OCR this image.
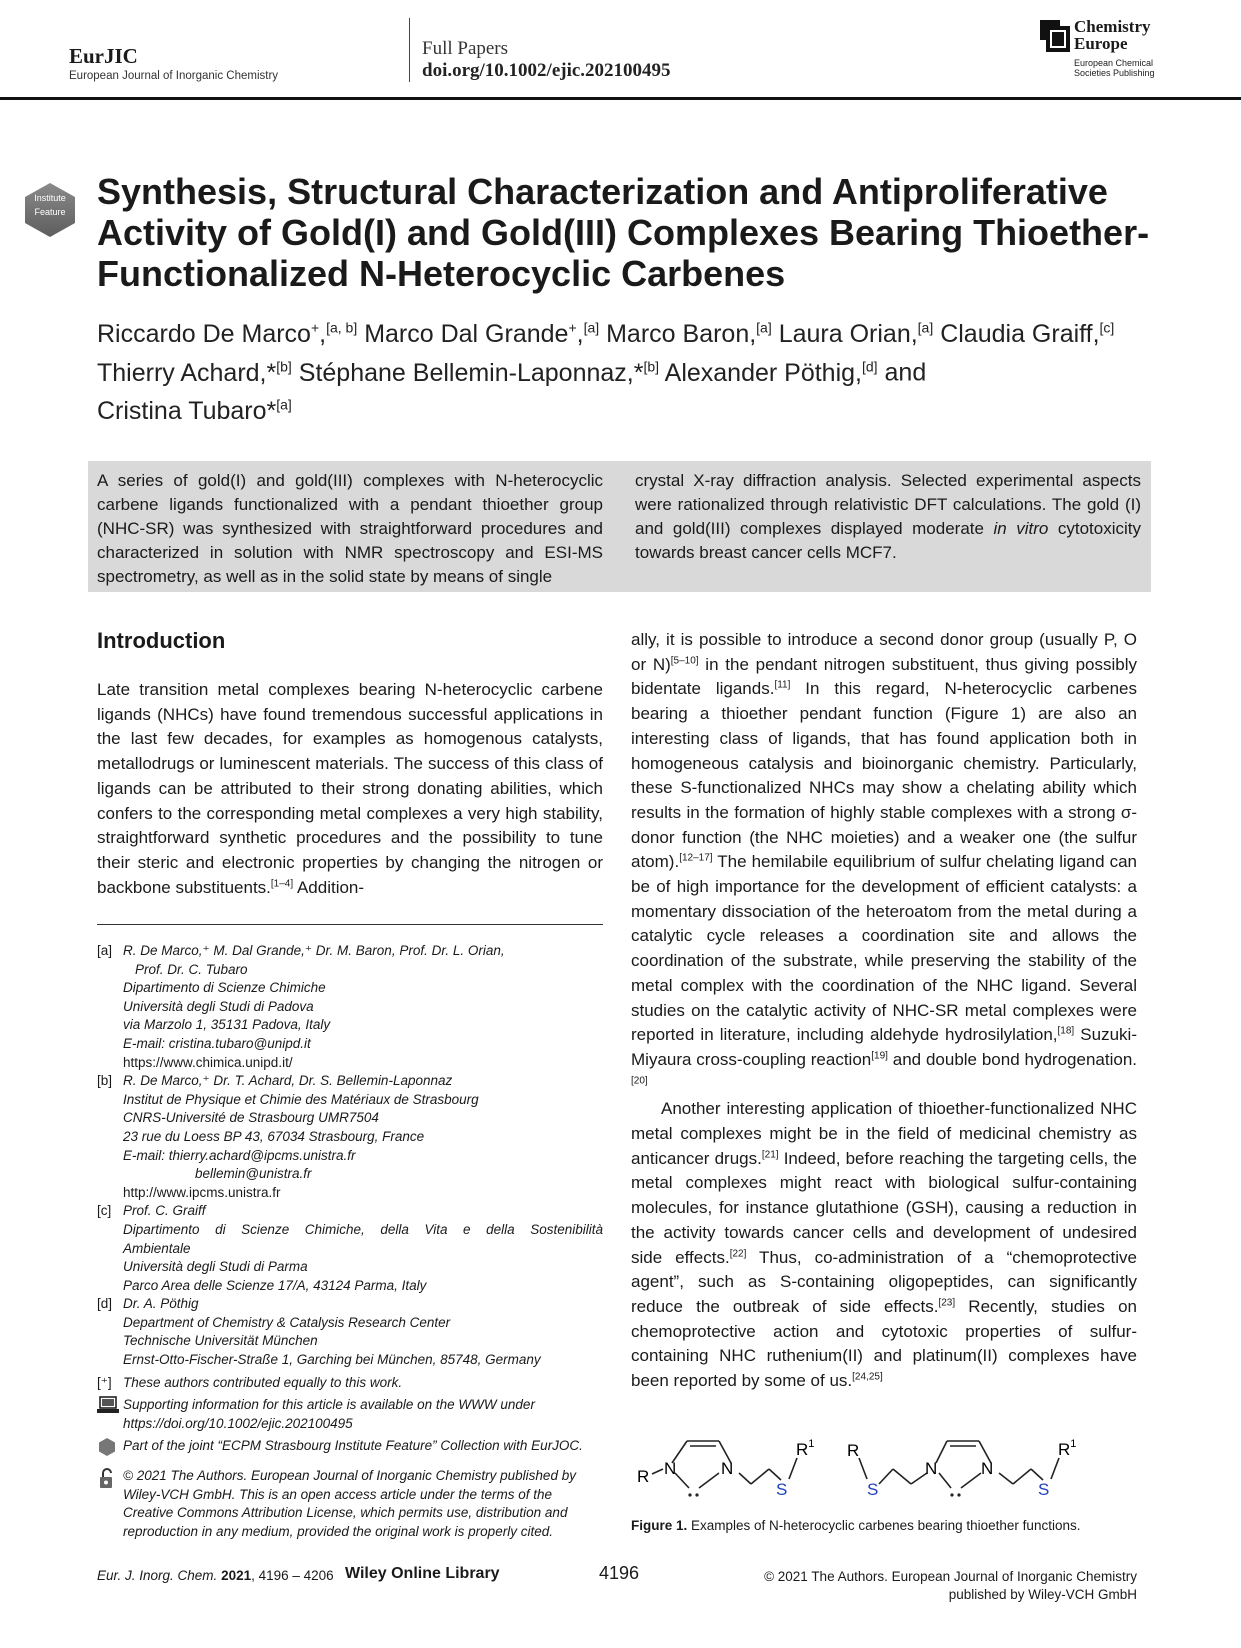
EurJIC
European Journal of Inorganic Chemistry
Full Papers
doi.org/10.1002/ejic.202100495
Chemistry
Europe
European Chemical
Societies Publishing
Institute
Feature Synthesis, Structural Characterization and Antiproliferative Activity of Gold(I) and Gold(III) Complexes Bearing Thioether-Functionalized N-Heterocyclic Carbenes
Riccardo De Marco+,[a, b] Marco Dal Grande+,[a] Marco Baron,[a] Laura Orian,[a] Claudia Graiff,[c]
Thierry Achard,*[b] Stéphane Bellemin-Laponnaz,*[b] Alexander Pöthig,[d] and
Cristina Tubaro*[a]
A series of gold(I) and gold(III) complexes with N-heterocyclic carbene ligands functionalized with a pendant thioether group (NHC-SR) was synthesized with straightforward procedures and characterized in solution with NMR spectroscopy and ESI-MS spectrometry, as well as in the solid state by means of single
crystal X-ray diffraction analysis. Selected experimental aspects were rationalized through relativistic DFT calculations. The gold (I) and gold(III) complexes displayed moderate in vitro cytotoxicity towards breast cancer cells MCF7.
Introduction
Late transition metal complexes bearing N-heterocyclic carbene ligands (NHCs) have found tremendous successful applications in the last few decades, for examples as homogenous catalysts, metallodrugs or luminescent materials. The success of this class of ligands can be attributed to their strong donating abilities, which confers to the corresponding metal complexes a very high stability, straightforward synthetic procedures and the possibility to tune their steric and electronic properties by changing the nitrogen or backbone substituents.[1–4] Addition-

ally, it is possible to introduce a second donor group (usually P, O or N)[5–10] in the pendant nitrogen substituent, thus giving possibly bidentate ligands.[11] In this regard, N-heterocyclic carbenes bearing a thioether pendant function (Figure 1) are also an interesting class of ligands, that has found application both in homogeneous catalysis and bioinorganic chemistry. Particularly, these S-functionalized NHCs may show a chelating ability which results in the formation of highly stable complexes with a strong σ-donor function (the NHC moieties) and a weaker one (the sulfur atom).[12–17] The hemilabile equilibrium of sulfur chelating ligand can be of high importance for the development of efficient catalysts: a momentary dissociation of the heteroatom from the metal during a catalytic cycle releases a coordination site and allows the coordination of the substrate, while preserving the stability of the metal complex with the coordination of the NHC ligand. Several studies on the catalytic activity of NHC-SR metal complexes were reported in literature, including aldehyde hydrosilylation,[18] Suzuki-Miyaura cross-coupling reaction[19] and double bond hydrogenation.[20]

Another interesting application of thioether-functionalized NHC metal complexes might be in the field of medicinal chemistry as anticancer drugs.[21] Indeed, before reaching the targeting cells, the metal complexes might react with biological sulfur-containing molecules, for instance glutathione (GSH), causing a reduction in the activity towards cancer cells and development of undesired side effects.[22] Thus, co-administration of a “chemoprotective agent”, such as S-containing oligopeptides, can significantly reduce the outbreak of side effects.[23] Recently, studies on chemoprotective action and cytotoxic properties of sulfur-containing NHC ruthenium(II) and platinum(II) complexes have been reported by some of us.[24,25]

[a] R. De Marco,⁺ M. Dal Grande,⁺ Dr. M. Baron, Prof. Dr. L. Orian,
Prof. Dr. C. Tubaro
Dipartimento di Scienze Chimiche
Università degli Studi di Padova
via Marzolo 1, 35131 Padova, Italy
E-mail: cristina.tubaro@unipd.it
https://www.chimica.unipd.it/
[b] R. De Marco,⁺ Dr. T. Achard, Dr. S. Bellemin-Laponnaz
Institut de Physique et Chimie des Matériaux de Strasbourg
CNRS-Université de Strasbourg UMR7504
23 rue du Loess BP 43, 67034 Strasbourg, France
E-mail: thierry.achard@ipcms.unistra.fr
bellemin@unistra.fr
http://www.ipcms.unistra.fr
[c] Prof. C. Graiff
Dipartimento di Scienze Chimiche, della Vita e della Sostenibilità
Ambientale
Università degli Studi di Parma
Parco Area delle Scienze 17/A, 43124 Parma, Italy
[d] Dr. A. Pöthig
Department of Chemistry & Catalysis Research Center
Technische Universität München
Ernst-Otto-Fischer-Straße 1, Garching bei München, 85748, Germany
[⁺] These authors contributed equally to this work.
Supporting information for this article is available on the WWW under https://doi.org/10.1002/ejic.202100495
Part of the joint “ECPM Strasbourg Institute Feature” Collection with EurJOC.
© 2021 The Authors. European Journal of Inorganic Chemistry published by Wiley-VCH GmbH. This is an open access article under the terms of the Creative Commons Attribution License, which permits use, distribution and reproduction in any medium, provided the original work is properly cited.
R N	N
S
$R^1$ R
S
N	N
S
$R^1$
Figure 1. Examples of N-heterocyclic carbenes bearing thioether functions.
Eur. J. Inorg. Chem. 2021, 4196 – 4206 Wiley Online Library	4196	© 2021 The Authors. European Journal of Inorganic Chemistry
published by Wiley-VCH GmbH
